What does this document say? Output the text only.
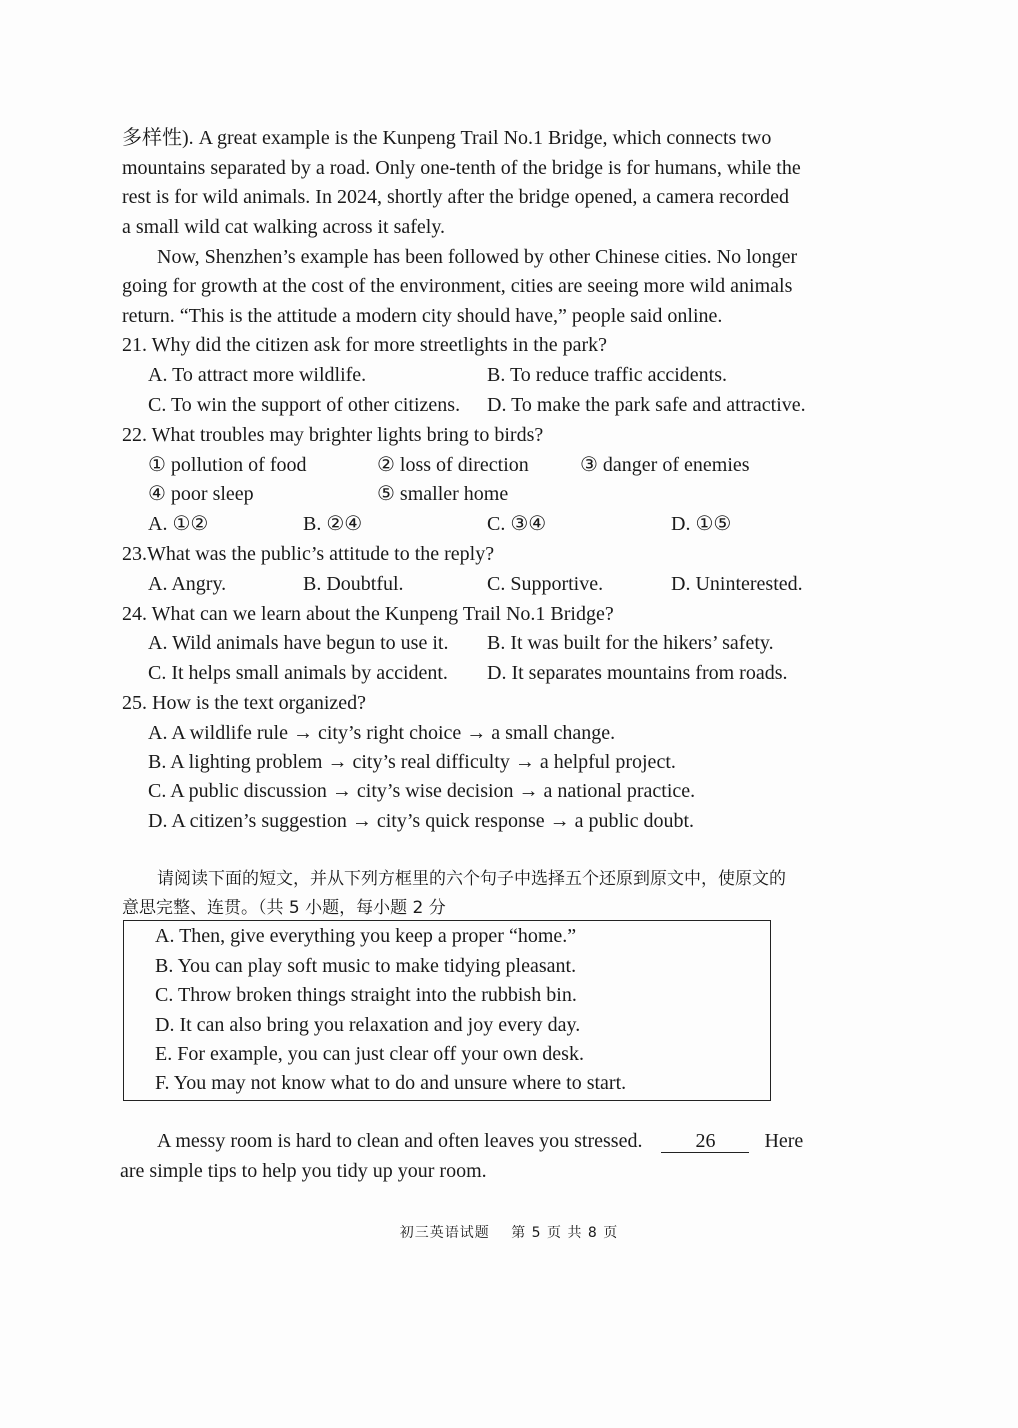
多样性). A great example is the Kunpeng Trail No.1 Bridge, which connects two
mountains separated by a road. Only one-tenth of the bridge is for humans, while the
rest is for wild animals. In 2024, shortly after the bridge opened, a camera recorded
a small wild cat walking across it safely.
Now, Shenzhen’s example has been followed by other Chinese cities. No longer
going for growth at the cost of the environment, cities are seeing more wild animals
return. “This is the attitude a modern city should have,” people said online.
21. Why did the citizen ask for more streetlights in the park?
A. To attract more wildlife.	B. To reduce traffic accidents.
C. To win the support of other citizens. D. To make the park safe and attractive.
22. What troubles may brighter lights bring to birds?
① pollution of food	② loss of direction	③ danger of enemies
④ poor sleep	⑤ smaller home
A. ①②	B. ②④	C. ③④	D. ①⑤
23.What was the public’s attitude to the reply?
A. Angry.	B. Doubtful.	C. Supportive.	D. Uninterested.
24. What can we learn about the Kunpeng Trail No.1 Bridge?
A. Wild animals have begun to use it. B. It was built for the hikers’ safety.
C. It helps small animals by accident. D. It separates mountains from roads.
25. How is the text organized?
A. A wildlife rule → city’s right choice → a small change.
B. A lighting problem → city’s real difficulty → a helpful project.
C. A public discussion → city’s wise decision → a national practice.
D. A citizen’s suggestion → city’s quick response → a public doubt.
请阅读下面的短文，并从下列方框里的六个句子中选择五个还原到原文中，使原文的
意思完整、连贯。（共 5 小题，每小题 2 分
A. Then, give everything you keep a proper “home.”
B. You can play soft music to make tidying pleasant.
C. Throw broken things straight into the rubbish bin.
D. It can also bring you relaxation and joy every day.
E. For example, you can just clear off your own desk.
F. You may not know what to do and unsure where to start.
A messy room is hard to clean and often leaves you stressed.	26 Here
are simple tips to help you tidy up your room.
初三英语试题 第 5 页 共 8 页
